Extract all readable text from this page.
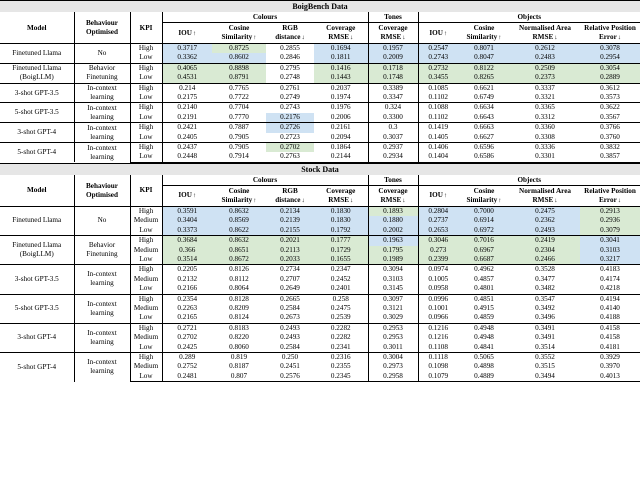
BoigBench Data
Model	Behaviour Optimised	KPI	Colours				Tones	Objects			
			IOU ↑	Cosine Similarity ↑	RGB distance ↓	Coverage RMSE ↓	Coverage RMSE ↓	IOU ↑	Cosine Similarity ↑	Normalised Area RMSE ↓	Relative Position Error ↓
Finetuned Llama	No	High	0.3717	0.8725	0.2855	0.1694	0.1957	0.2547	0.8071	0.2612	0.3078
		Low	0.3362	0.8602	0.2846	0.1811	0.2009	0.2743	0.8047	0.2483	0.2954
Finetuned Llama (BoigLLM)	Behavior Finetuning	High	0.4065	0.8898	0.2795	0.1416	0.1718	0.2732	0.8122	0.2509	0.3054
		Low	0.4531	0.8791	0.2748	0.1443	0.1748	0.3455	0.8265	0.2373	0.2889
3-shot GPT-3.5	In-context learning	High	0.214	0.7765	0.2761	0.2037	0.3389	0.1085	0.6621	0.3337	0.3612
		Low	0.2175	0.7722	0.2749	0.1974	0.3347	0.1102	0.6749	0.3321	0.3573
5-shot GPT-3.5	In-context learning	High	0.2140	0.7704	0.2743	0.1976	0.324	0.1088	0.6634	0.3365	0.3622
		Low	0.2191	0.7770	0.2176	0.2006	0.3300	0.1102	0.6643	0.3312	0.3567
3-shot GPT-4	In-context learning	High	0.2421	0.7887	0.2726	0.2161	0.3	0.1419	0.6663	0.3360	0.3766
		Low	0.2405	0.7905	0.2723	0.2094	0.3037	0.1405	0.6627	0.3308	0.3760
5-shot GPT-4	In-context learning	High	0.2437	0.7905	0.2702	0.1864	0.2937	0.1406	0.6596	0.3336	0.3832
		Low	0.2448	0.7914	0.2763	0.2144	0.2934	0.1404	0.6586	0.3301	0.3857
Stock Data
Model	Behaviour Optimised	KPI	Colours				Tones	Objects			
			IOU ↑	Cosine Similarity ↑	RGB distance ↓	Coverage RMSE ↓	Coverage RMSE ↓	IOU ↑	Cosine Similarity ↑	Normalised Area RMSE ↓	Relative Position Error ↓
Finetuned Llama	No	High	0.3591	0.8632	0.2134	0.1830	0.1893	0.2804	0.7000	0.2475	0.2913
		Medium	0.3404	0.8569	0.2139	0.1830	0.1880	0.2737	0.6914	0.2362	0.2936
		Low	0.3373	0.8622	0.2155	0.1792	0.2002	0.2653	0.6972	0.2493	0.3079
Finetuned Llama (BoigLLM)	Behavior Finetuning	High	0.3684	0.8632	0.2021	0.1777	0.1963	0.3046	0.7016	0.2419	0.3041
		Medium	0.366	0.8651	0.2113	0.1729	0.1795	0.273	0.6967	0.2304	0.3103
		Low	0.3514	0.8672	0.2033	0.1655	0.1989	0.2399	0.6687	0.2466	0.3217
3-shot GPT-3.5	In-context learning	High	0.2205	0.8126	0.2734	0.2347	0.3094	0.0974	0.4962	0.3528	0.4183
		Medium	0.2132	0.8112	0.2707	0.2452	0.3103	0.1005	0.4857	0.3477	0.4174
		Low	0.2166	0.8064	0.2649	0.2401	0.3145	0.0958	0.4801	0.3482	0.4218
5-shot GPT-3.5	In-context learning	High	0.2354	0.8128	0.2665	0.258	0.3097	0.0996	0.4851	0.3547	0.4194
		Medium	0.2263	0.8209	0.2584	0.2475	0.3121	0.1001	0.4915	0.3492	0.4140
		Low	0.2165	0.8124	0.2673	0.2539	0.3029	0.0966	0.4859	0.3496	0.4188
3-shot GPT-4	In-context learning	High	0.2721	0.8183	0.2493	0.2282	0.2953	0.1216	0.4948	0.3491	0.4158
		Medium	0.2702	0.8220	0.2493	0.2282	0.2953	0.1216	0.4948	0.3491	0.4158
		Low	0.2425	0.8060	0.2584	0.2341	0.3011	0.1108	0.4841	0.3514	0.4181
5-shot GPT-4	In-context learning	High	0.289	0.819	0.250	0.2316	0.3004	0.1118	0.5065	0.3552	0.3929
		Medium	0.2752	0.8187	0.2451	0.2355	0.2973	0.1098	0.4898	0.3515	0.3970
		Low	0.2481	0.807	0.2576	0.2345	0.2958	0.1079	0.4889	0.3494	0.4013
